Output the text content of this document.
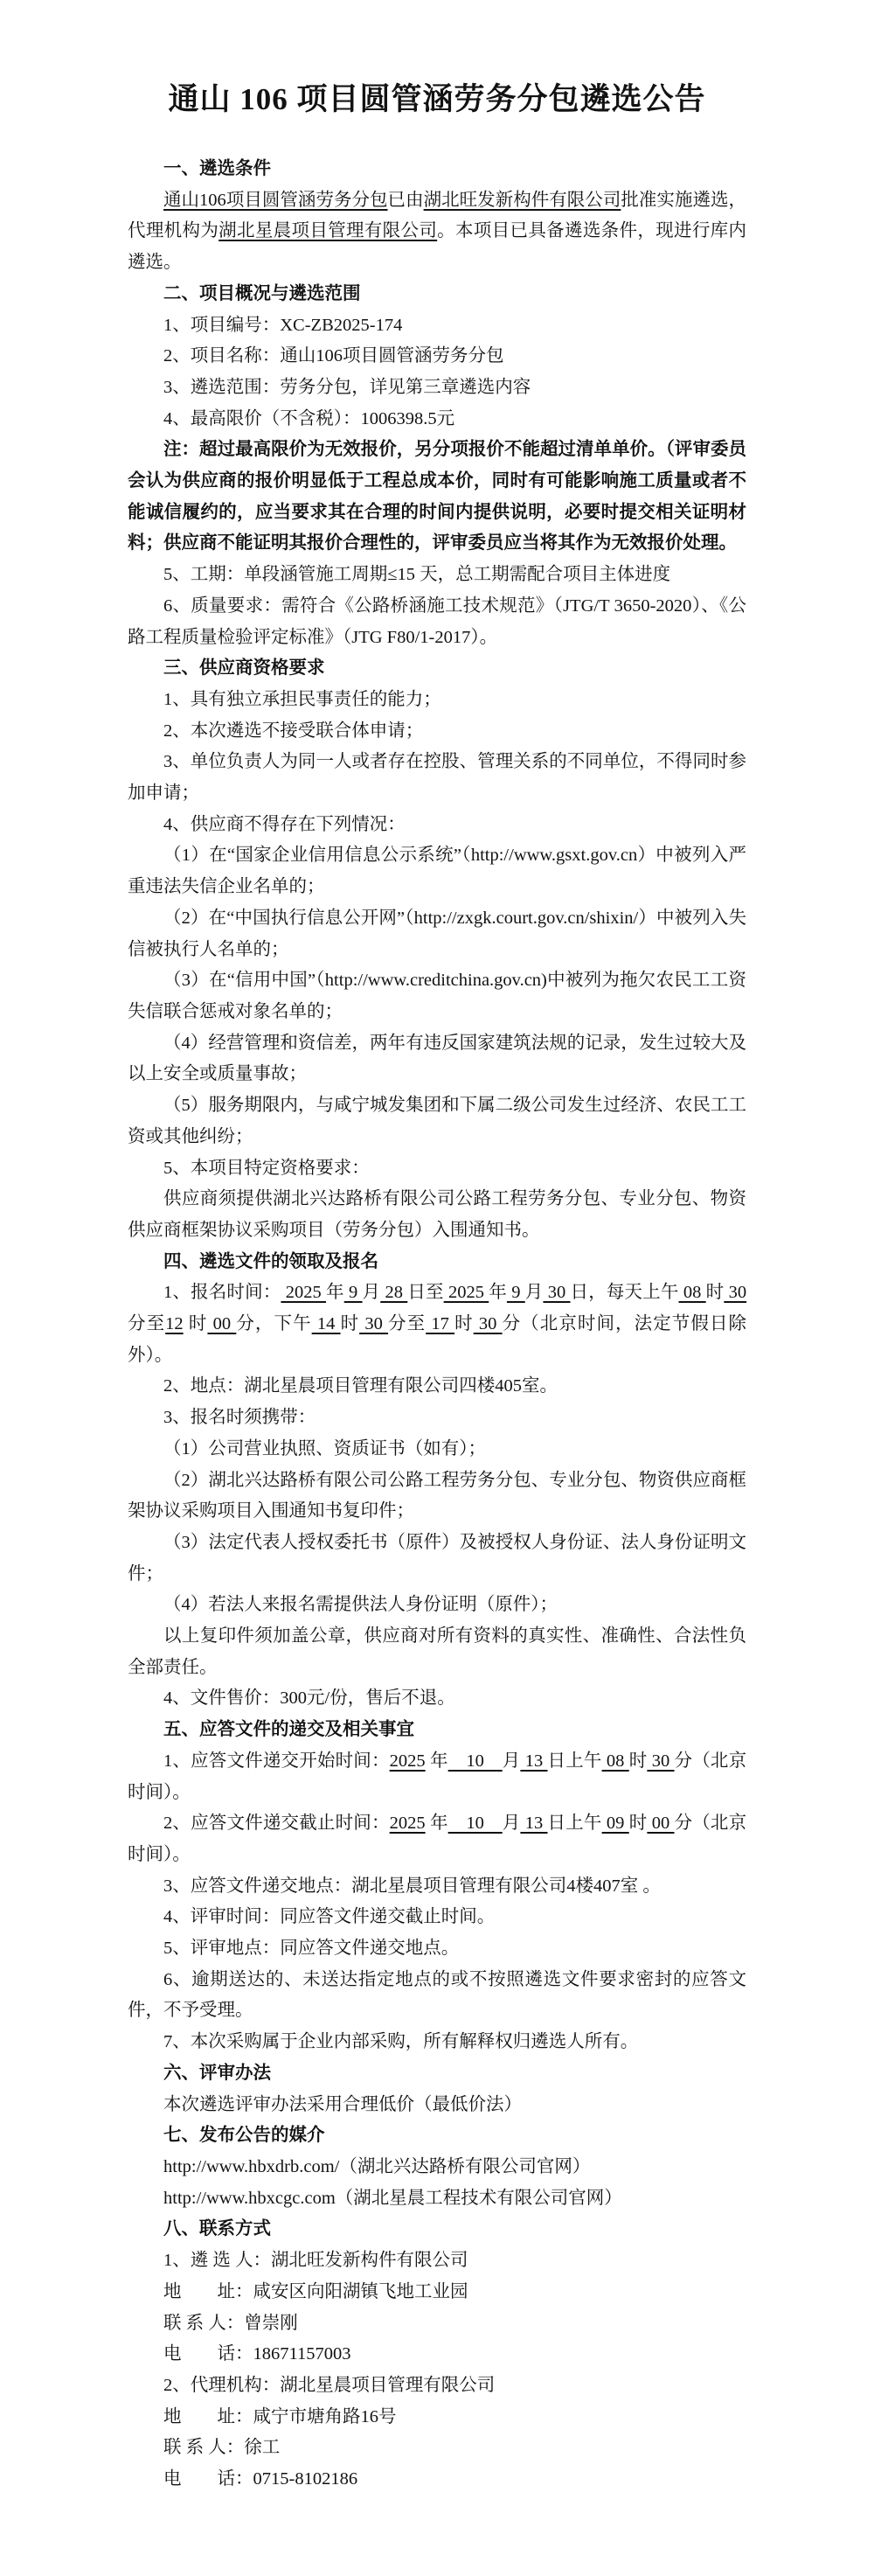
通山 106 项目圆管涵劳务分包遴选公告

一、遴选条件

通山106项目圆管涵劳务分包已由湖北旺发新构件有限公司批准实施遴选，代理机构为湖北星晨项目管理有限公司。本项目已具备遴选条件，现进行库内遴选。

二、项目概况与遴选范围

1、项目编号：XC-ZB2025-174

2、项目名称：通山106项目圆管涵劳务分包

3、遴选范围：劳务分包，详见第三章遴选内容

4、最高限价（不含税）：1006398.5元

注：超过最高限价为无效报价，另分项报价不能超过清单单价。（评审委员会认为供应商的报价明显低于工程总成本价，同时有可能影响施工质量或者不能诚信履约的，应当要求其在合理的时间内提供说明，必要时提交相关证明材料；供应商不能证明其报价合理性的，评审委员应当将其作为无效报价处理。

5、工期：单段涵管施工周期≤15 天，总工期需配合项目主体进度

6、质量要求：需符合《公路桥涵施工技术规范》（JTG/T 3650-2020）、《公路工程质量检验评定标准》（JTG F80/1-2017）。

三、供应商资格要求

1、具有独立承担民事责任的能力；

2、本次遴选不接受联合体申请；

3、单位负责人为同一人或者存在控股、管理关系的不同单位，不得同时参加申请；

4、供应商不得存在下列情况：

（1）在“国家企业信用信息公示系统”（http://www.gsxt.gov.cn）中被列入严重违法失信企业名单的；

（2）在“中国执行信息公开网”（http://zxgk.court.gov.cn/shixin/）中被列入失信被执行人名单的；

（3）在“信用中国”（http://www.creditchina.gov.cn)中被列为拖欠农民工工资失信联合惩戒对象名单的；

（4）经营管理和资信差，两年有违反国家建筑法规的记录，发生过较大及以上安全或质量事故；

（5）服务期限内，与咸宁城发集团和下属二级公司发生过经济、农民工工资或其他纠纷；

5、本项目特定资格要求：

供应商须提供湖北兴达路桥有限公司公路工程劳务分包、专业分包、物资供应商框架协议采购项目（劳务分包）入围通知书。

四、遴选文件的领取及报名

1、报名时间： 2025 年 9 月 28 日至 2025 年 9 月 30 日，每天上午 08 时 30 分至12 时 00 分，下午 14 时 30 分至 17 时 30 分（北京时间，法定节假日除外）。

2、地点：湖北星晨项目管理有限公司四楼405室。

3、报名时须携带：

（1）公司营业执照、资质证书（如有）；

（2）湖北兴达路桥有限公司公路工程劳务分包、专业分包、物资供应商框架协议采购项目入围通知书复印件；

（3）法定代表人授权委托书（原件）及被授权人身份证、法人身份证明文件；

（4）若法人来报名需提供法人身份证明（原件）；

以上复印件须加盖公章，供应商对所有资料的真实性、准确性、合法性负全部责任。

4、文件售价：300元/份，售后不退。

五、应答文件的递交及相关事宜

1、应答文件递交开始时间：2025 年　10　月 13 日上午 08 时 30 分（北京时间）。

2、应答文件递交截止时间：2025 年　10　月 13 日上午 09 时 00 分（北京时间）。

3、应答文件递交地点：湖北星晨项目管理有限公司4楼407室 。

4、评审时间：同应答文件递交截止时间。

5、评审地点：同应答文件递交地点。

6、逾期送达的、未送达指定地点的或不按照遴选文件要求密封的应答文件，不予受理。

7、本次采购属于企业内部采购，所有解释权归遴选人所有。

六、评审办法

本次遴选评审办法采用合理低价（最低价法）

七、发布公告的媒介

http://www.hbxdrb.com/（湖北兴达路桥有限公司官网）

http://www.hbxcgc.com（湖北星晨工程技术有限公司官网）

八、联系方式

1、遴 选 人：湖北旺发新构件有限公司

地　　址：咸安区向阳湖镇飞地工业园

联 系 人：曾崇刚

电　　话：18671157003

2、代理机构：湖北星晨项目管理有限公司

地　　址：咸宁市塘角路16号

联 系 人：徐工

电　　话：0715-8102186
